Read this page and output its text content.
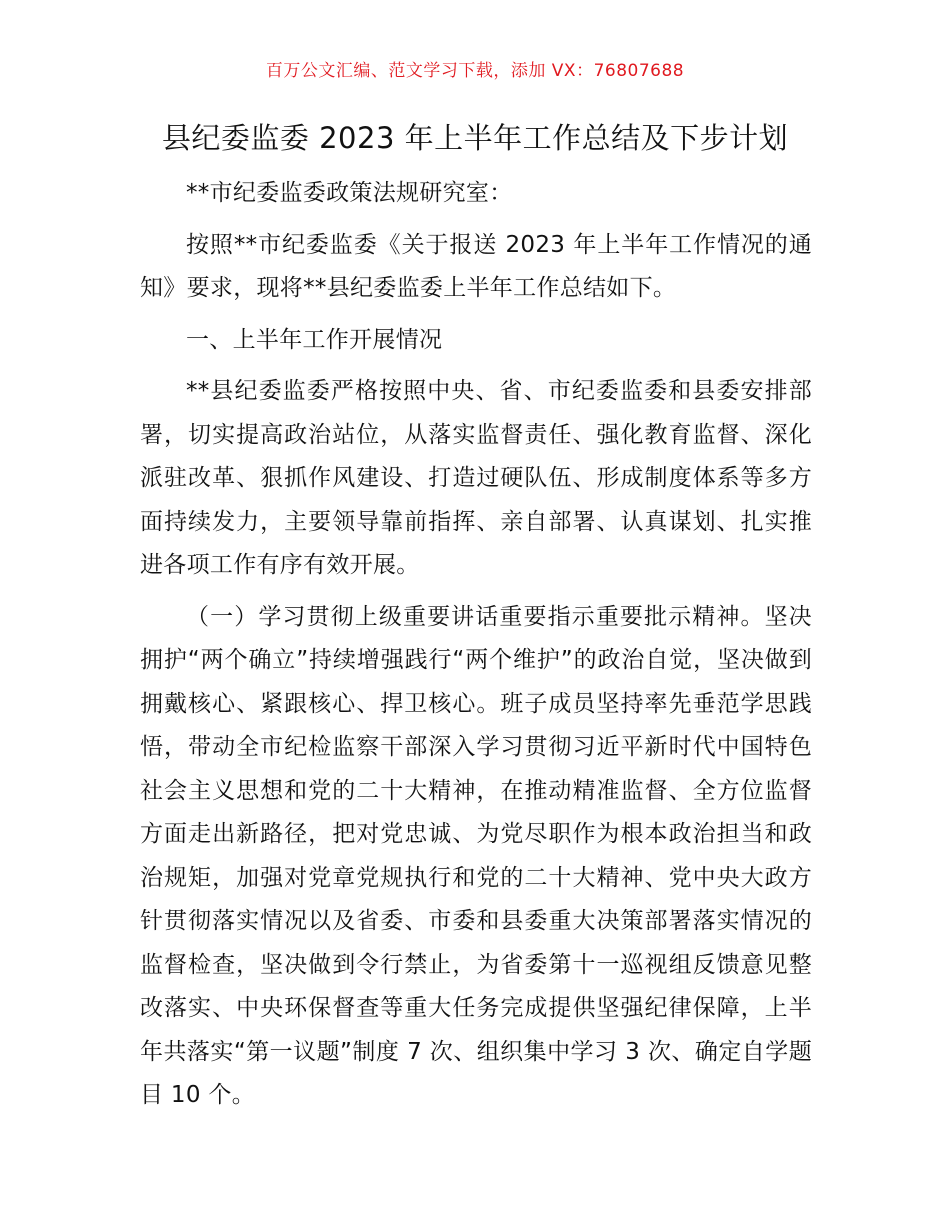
百万公文汇编、范文学习下载，添加 VX：76807688
县纪委监委 2023 年上半年工作总结及下步计划

**市纪委监委政策法规研究室：

按照**市纪委监委《关于报送 2023 年上半年工作情况的通知》要求，现将**县纪委监委上半年工作总结如下。

一、上半年工作开展情况

**县纪委监委严格按照中央、省、市纪委监委和县委安排部署，切实提高政治站位，从落实监督责任、强化教育监督、深化派驻改革、狠抓作风建设、打造过硬队伍、形成制度体系等多方面持续发力，主要领导靠前指挥、亲自部署、认真谋划、扎实推进各项工作有序有效开展。

（一）学习贯彻上级重要讲话重要指示重要批示精神。坚决拥护“两个确立”持续增强践行“两个维护”的政治自觉，坚决做到拥戴核心、紧跟核心、捍卫核心。班子成员坚持率先垂范学思践悟，带动全市纪检监察干部深入学习贯彻习近平新时代中国特色社会主义思想和党的二十大精神，在推动精准监督、全方位监督方面走出新路径，把对党忠诚、为党尽职作为根本政治担当和政治规矩，加强对党章党规执行和党的二十大精神、党中央大政方针贯彻落实情况以及省委、市委和县委重大决策部署落实情况的监督检查，坚决做到令行禁止，为省委第十一巡视组反馈意见整改落实、中央环保督查等重大任务完成提供坚强纪律保障，上半年共落实“第一议题”制度 7 次、组织集中学习 3 次、确定自学题目 10 个。
